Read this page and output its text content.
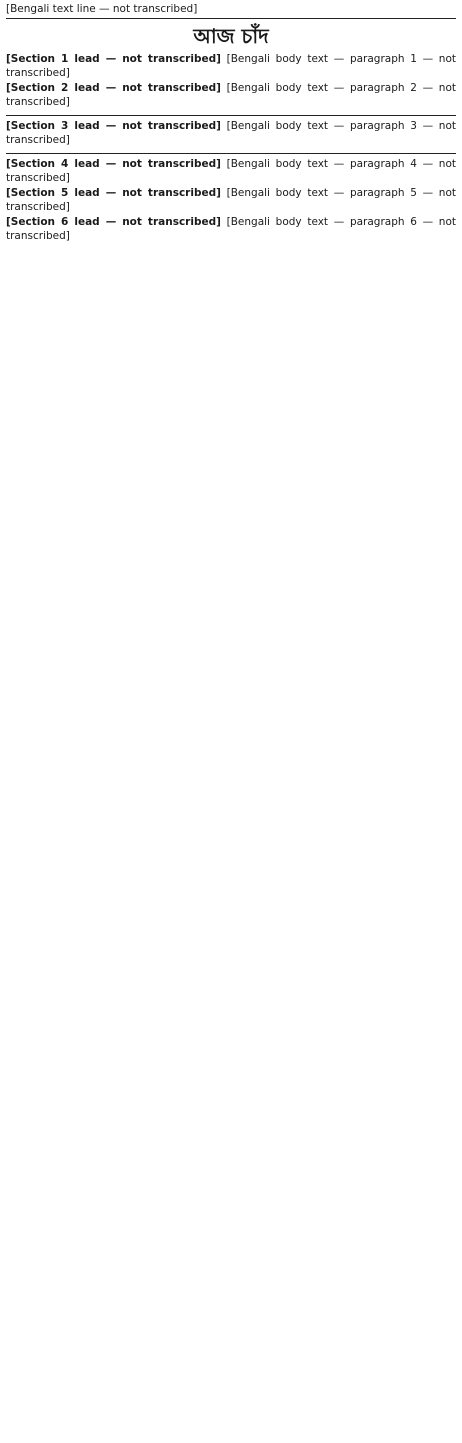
[Bengali text line — not transcribed]
আজ চাঁদ

[Section 1 lead — not transcribed] [Bengali body text — paragraph 1 — not transcribed]

[Section 2 lead — not transcribed] [Bengali body text — paragraph 2 — not transcribed]

[Section 3 lead — not transcribed] [Bengali body text — paragraph 3 — not transcribed]

[Section 4 lead — not transcribed] [Bengali body text — paragraph 4 — not transcribed]

[Section 5 lead — not transcribed] [Bengali body text — paragraph 5 — not transcribed]

[Section 6 lead — not transcribed] [Bengali body text — paragraph 6 — not transcribed]
